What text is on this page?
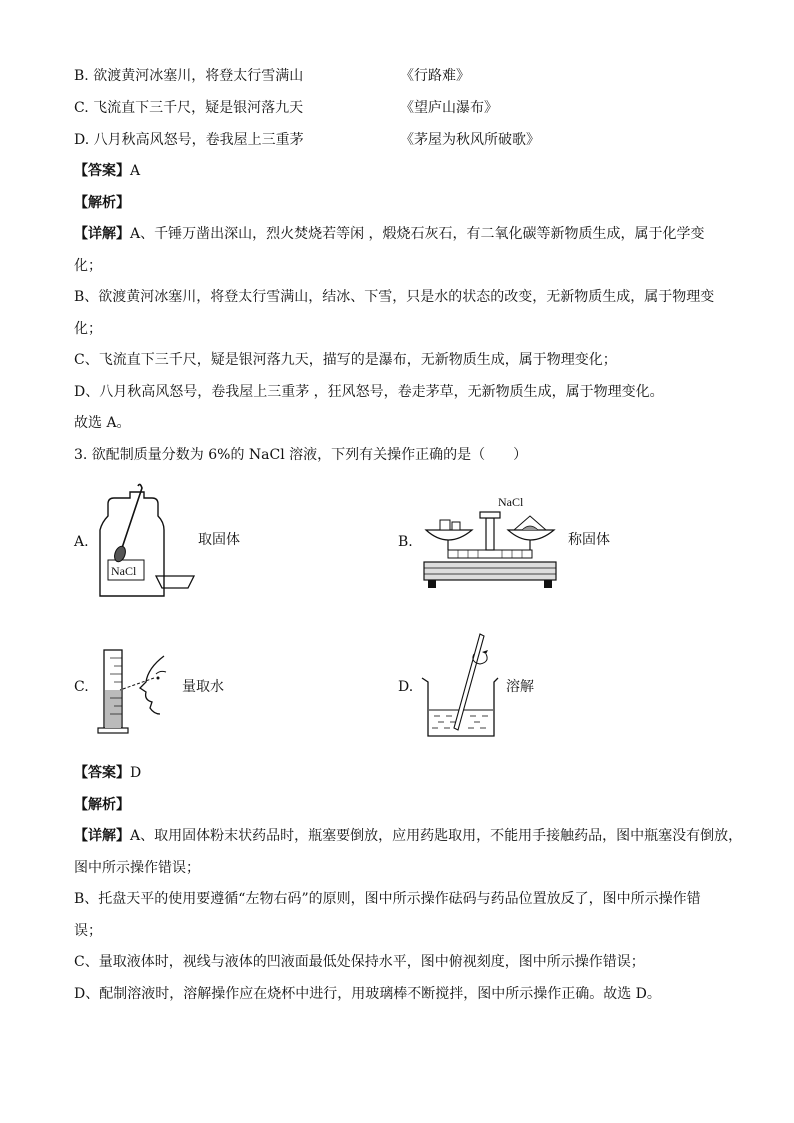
B. 欲渡黄河冰塞川，将登太行雪满山	《行路难》
C. 飞流直下三千尺，疑是银河落九天	《望庐山瀑布》
D. 八月秋高风怒号，卷我屋上三重茅	《茅屋为秋风所破歌》
【答案】A
【解析】
【详解】A、千锤万凿出深山，烈火焚烧若等闲 ，煅烧石灰石，有二氧化碳等新物质生成，属于化学变
化；
B、欲渡黄河冰塞川，将登太行雪满山，结冰、下雪，只是水的状态的改变，无新物质生成，属于物理变
化；
C、飞流直下三千尺，疑是银河落九天，描写的是瀑布，无新物质生成，属于物理变化；
D、八月秋高风怒号，卷我屋上三重茅 ，狂风怒号，卷走茅草，无新物质生成，属于物理变化。
故选 A。
3. 欲配制质量分数为 6%的 NaCl 溶液，下列有关操作正确的是（　　）
A.
NaCl
取固体	B.
NaCl
称固体
C.	量取水	D.	溶解
【答案】D
【解析】
【详解】A、取用固体粉末状药品时，瓶塞要倒放，应用药匙取用，不能用手接触药品，图中瓶塞没有倒放，
图中所示操作错误；
B、托盘天平的使用要遵循“左物右码”的原则，图中所示操作砝码与药品位置放反了，图中所示操作错
误；
C、量取液体时，视线与液体的凹液面最低处保持水平，图中俯视刻度，图中所示操作错误；
D、配制溶液时，溶解操作应在烧杯中进行，用玻璃棒不断搅拌，图中所示操作正确。故选 D。
